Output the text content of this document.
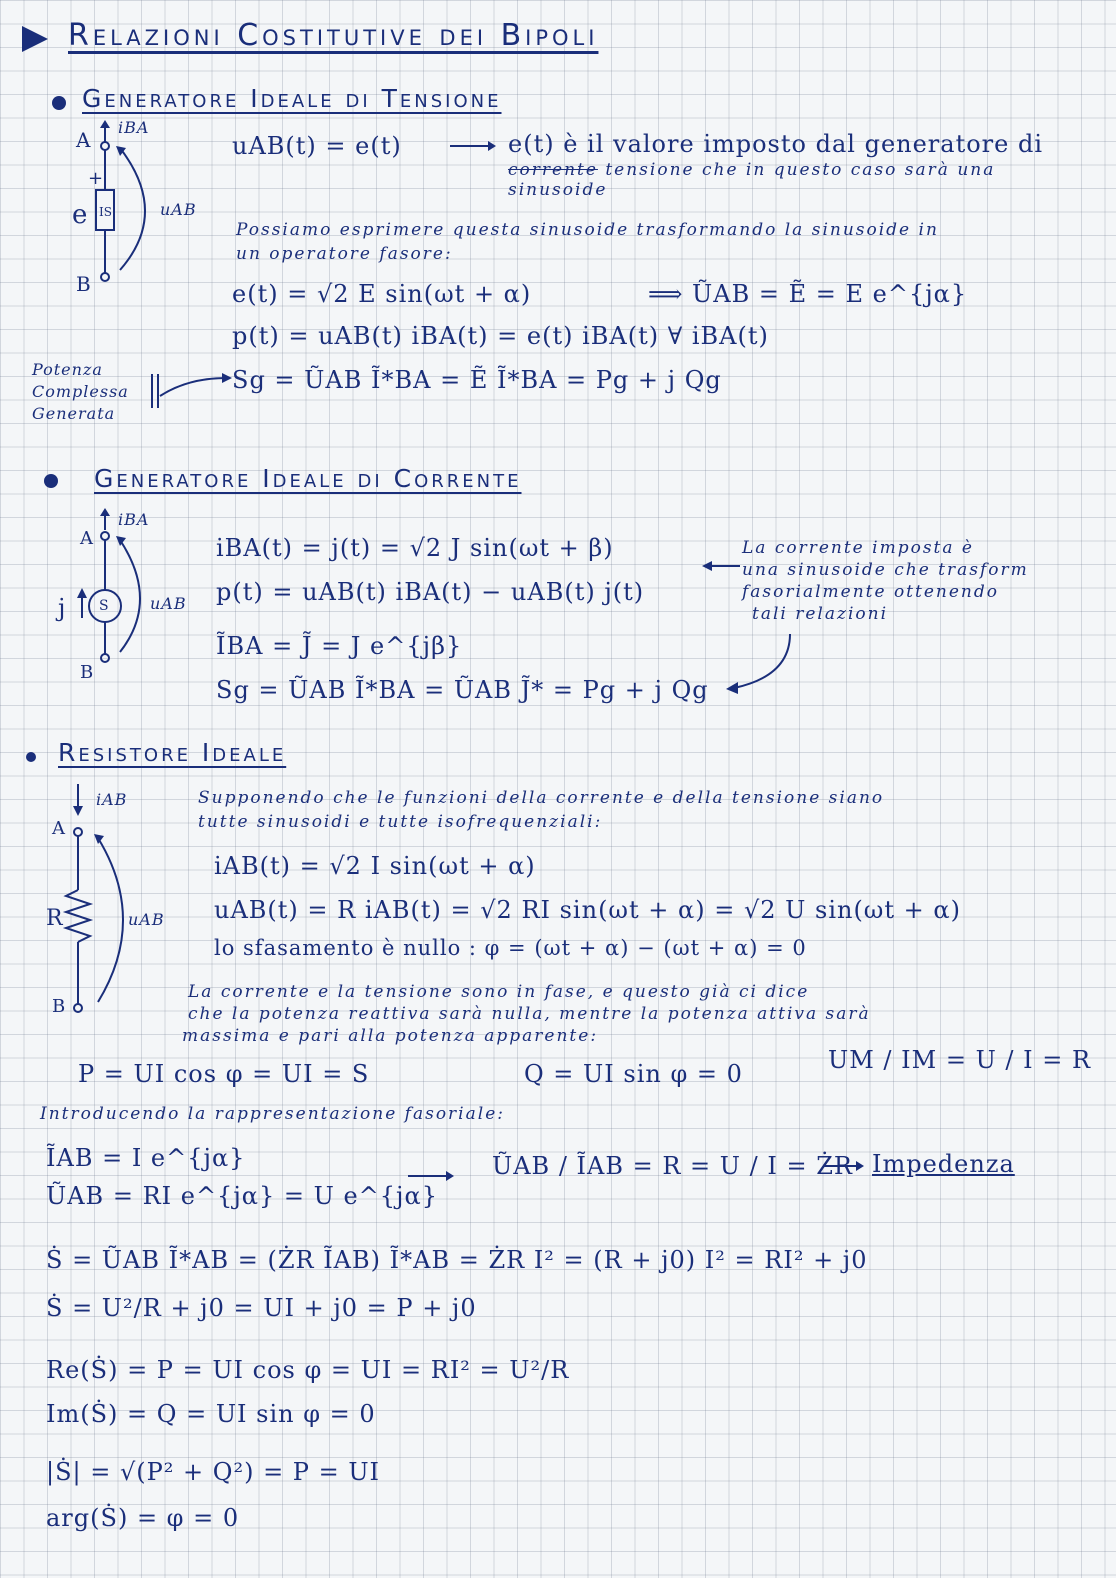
Relazioni Costitutive dei Bipoli
Generatore Ideale di Tensione
A
iBA
+
e IS	uAB
B
uAB(t) = e(t)	e(t) è il valore imposto dal generatore di
corrente tensione che in questo caso sarà una
sinusoide
Possiamo esprimere questa sinusoide trasformando la sinusoide in
un operatore fasore:
e(t) = √2 E sin(ωt + α)	⟹ ŨAB = Ẽ = E e^{jα}
p(t) = uAB(t) iBA(t) = e(t) iBA(t) ∀ iBA(t)
Sg = ŨAB Ĩ*BA = Ẽ Ĩ*BA = Pg + j Qg
Potenza
Complessa
Generata
Generatore Ideale di Corrente
A
iBA
j S	uAB
B
iBA(t) = j(t) = √2 J sin(ωt + β)
p(t) = uAB(t) iBA(t) − uAB(t) j(t)
ĨBA = J̃ = J e^{jβ}
Sg = ŨAB Ĩ*BA = ŨAB J̃* = Pg + j Qg
La corrente imposta è
una sinusoide che trasform
fasorialmente ottenendo
tali relazioni
Resistore Ideale
A
iAB
R	uAB
B
Supponendo che le funzioni della corrente e della tensione siano
tutte sinusoidi e tutte isofrequenziali:
iAB(t) = √2 I sin(ωt + α)
uAB(t) = R iAB(t) = √2 RI sin(ωt + α) = √2 U sin(ωt + α)
lo sfasamento è nullo : φ = (ωt + α) − (ωt + α) = 0
La corrente e la tensione sono in fase, e questo già ci dice
che la potenza reattiva sarà nulla, mentre la potenza attiva sarà
massima e pari alla potenza apparente:
P = UI cos φ = UI = S	Q = UI sin φ = 0	UM / IM = U / I = R
Introducendo la rappresentazione fasoriale:
ĨAB = I e^{jα}
ŨAB = RI e^{jα} = U e^{jα}
ŨAB / ĨAB = R = U / I = ŻR Impedenza
Ṡ = ŨAB Ĩ*AB = (ŻR ĨAB) Ĩ*AB = ŻR I² = (R + j0) I² = RI² + j0
Ṡ = U²/R + j0 = UI + j0 = P + j0
Re(Ṡ) = P = UI cos φ = UI = RI² = U²/R
Im(Ṡ) = Q = UI sin φ = 0
|Ṡ| = √(P² + Q²) = P = UI
arg(Ṡ) = φ = 0
